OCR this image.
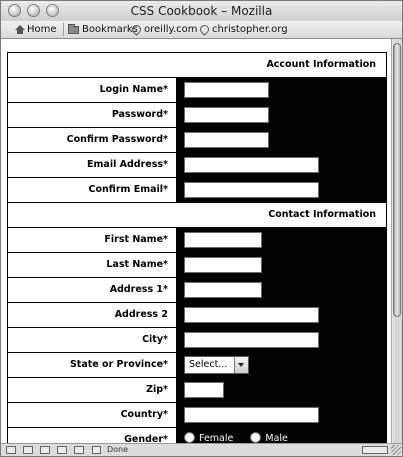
CSS Cookbook – Mozilla
Home	Bookmarks oreilly.com	christopher.org
Account Information
Login Name*
Password*
Confirm Password*
Email Address*
Confirm Email*
Contact Information
First Name*
Last Name*
Address 1*
Address 2
City*
State or Province*	Select...
Zip*
Country*
Gender*	Female	Male
Done
